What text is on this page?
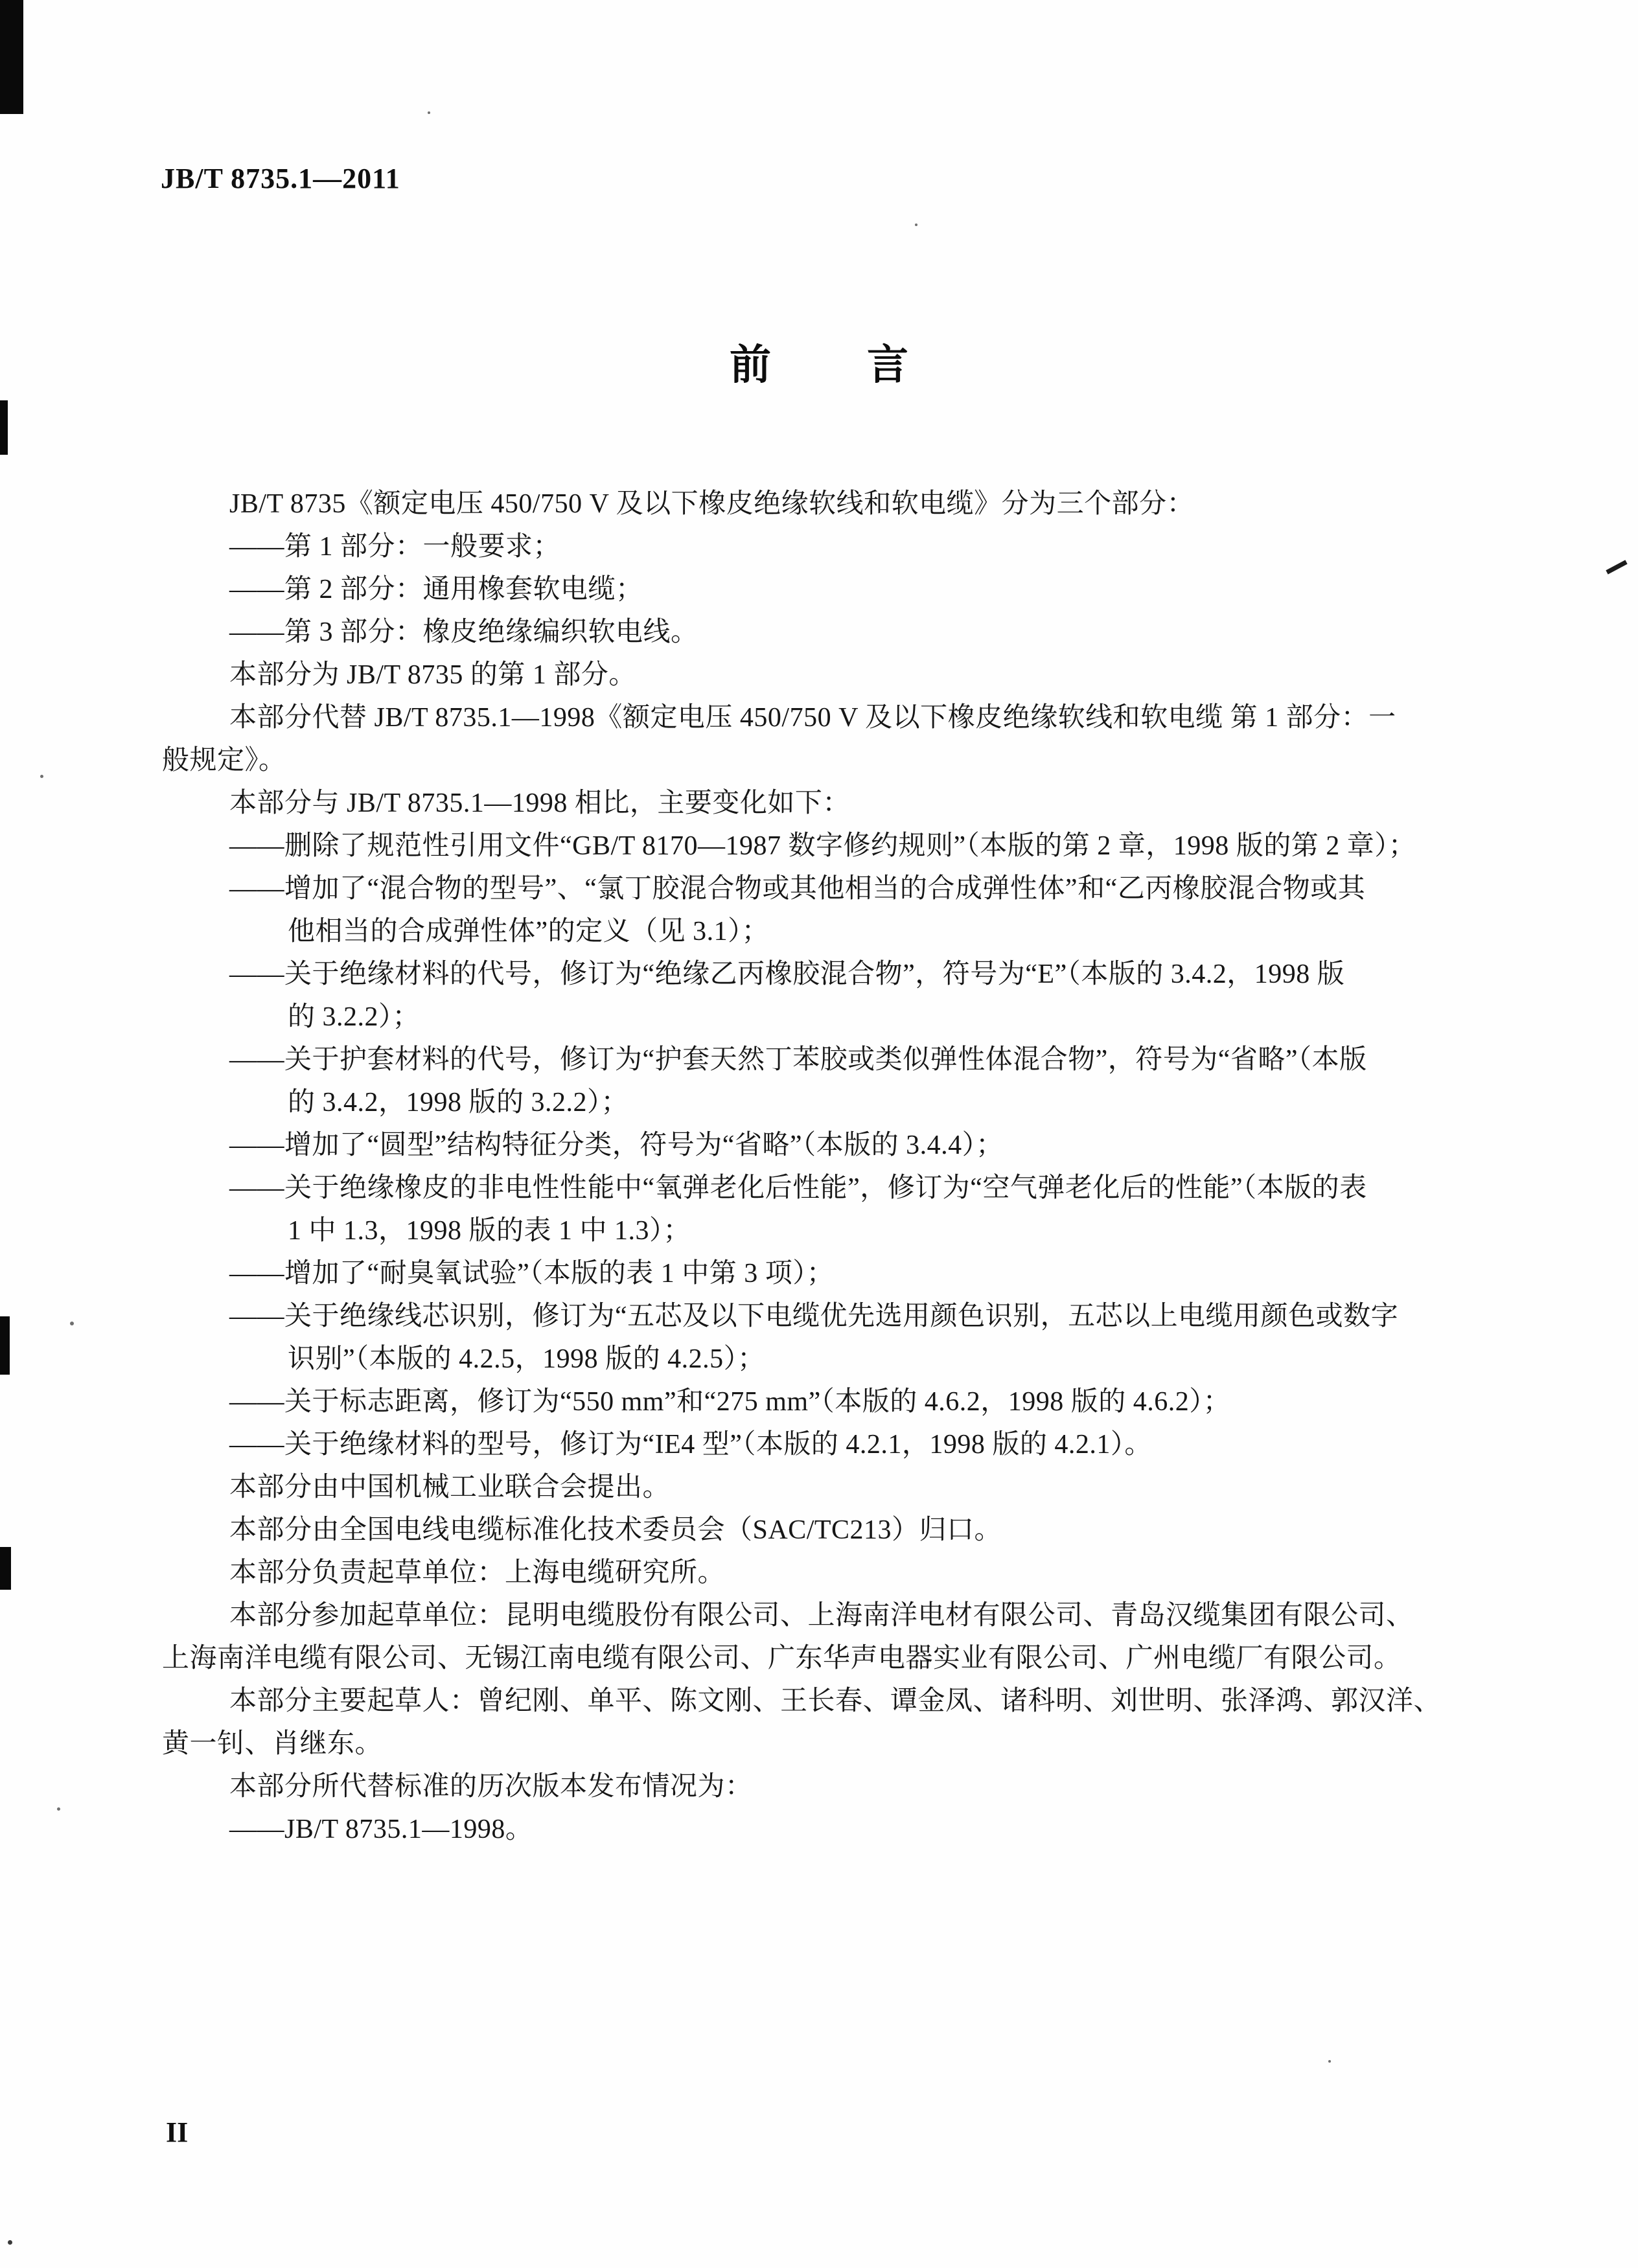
JB/T 8735.1—2011
前 言
JB/T 8735《额定电压 450/750 V 及以下橡皮绝缘软线和软电缆》分为三个部分：
——第 1 部分：一般要求；
——第 2 部分：通用橡套软电缆；
——第 3 部分：橡皮绝缘编织软电线。
本部分为 JB/T 8735 的第 1 部分。
本部分代替 JB/T 8735.1—1998《额定电压 450/750 V 及以下橡皮绝缘软线和软电缆 第 1 部分：一
般规定》。
本部分与 JB/T 8735.1—1998 相比，主要变化如下：
——删除了规范性引用文件“GB/T 8170—1987 数字修约规则”（本版的第 2 章，1998 版的第 2 章）；
——增加了“混合物的型号”、“氯丁胶混合物或其他相当的合成弹性体”和“乙丙橡胶混合物或其
他相当的合成弹性体”的定义（见 3.1）；
——关于绝缘材料的代号，修订为“绝缘乙丙橡胶混合物”，符号为“E”（本版的 3.4.2，1998 版
的 3.2.2）；
——关于护套材料的代号，修订为“护套天然丁苯胶或类似弹性体混合物”，符号为“省略”（本版
的 3.4.2，1998 版的 3.2.2）；
——增加了“圆型”结构特征分类，符号为“省略”（本版的 3.4.4）；
——关于绝缘橡皮的非电性性能中“氧弹老化后性能”，修订为“空气弹老化后的性能”（本版的表
1 中 1.3，1998 版的表 1 中 1.3）；
——增加了“耐臭氧试验”（本版的表 1 中第 3 项）；
——关于绝缘线芯识别，修订为“五芯及以下电缆优先选用颜色识别，五芯以上电缆用颜色或数字
识别”（本版的 4.2.5，1998 版的 4.2.5）；
——关于标志距离，修订为“550 mm”和“275 mm”（本版的 4.6.2，1998 版的 4.6.2）；
——关于绝缘材料的型号，修订为“IE4 型”（本版的 4.2.1，1998 版的 4.2.1）。
本部分由中国机械工业联合会提出。
本部分由全国电线电缆标准化技术委员会（SAC/TC213）归口。
本部分负责起草单位：上海电缆研究所。
本部分参加起草单位：昆明电缆股份有限公司、上海南洋电材有限公司、青岛汉缆集团有限公司、
上海南洋电缆有限公司、无锡江南电缆有限公司、广东华声电器实业有限公司、广州电缆厂有限公司。
本部分主要起草人：曾纪刚、单平、陈文刚、王长春、谭金凤、诸科明、刘世明、张泽鸿、郭汉洋、
黄一钊、肖继东。
本部分所代替标准的历次版本发布情况为：
——JB/T 8735.1—1998。
II
